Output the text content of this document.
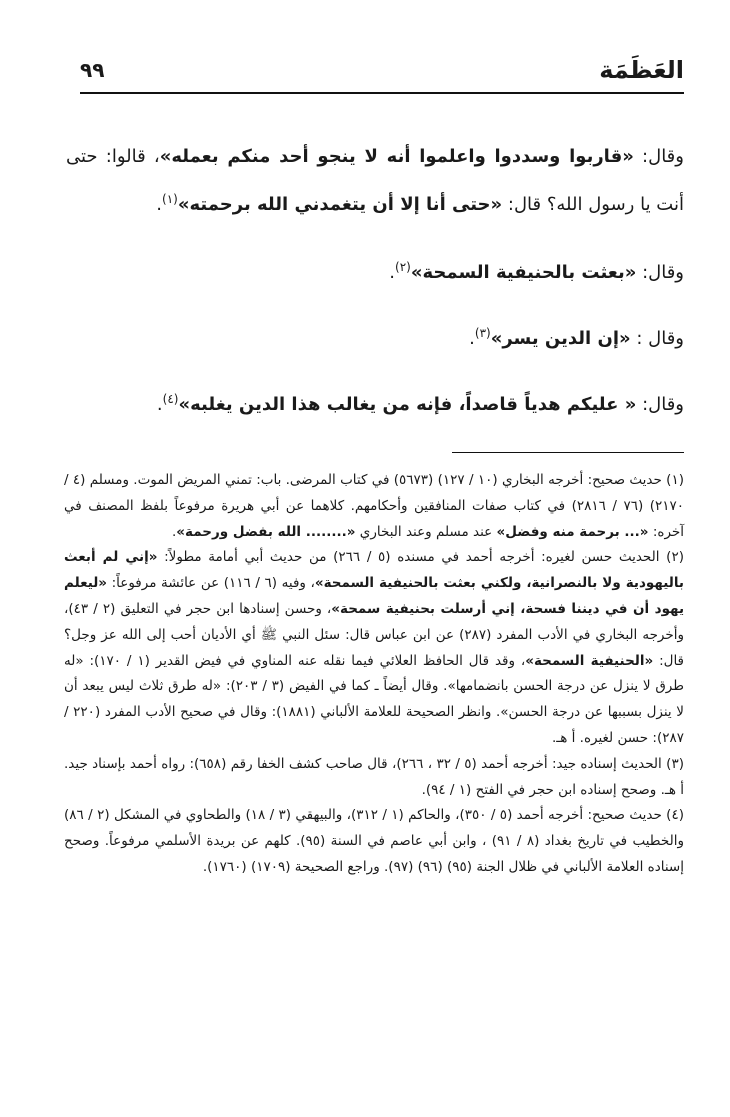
العَظَمَة
٩٩

وقال: «قاربوا وسددوا واعلموا أنه لا ينجو أحد منكم بعمله»، قالوا: حتى أنت يا رسول الله؟ قال: «حتى أنا إلا أن يتغمدني الله برحمته»$^{(١)}$.

وقال: «بعثت بالحنيفية السمحة»$^{(٢)}$.

وقال : «إن الدين يسر»$^{(٣)}$.

وقال: « عليكم هدياً قاصداً، فإنه من يغالب هذا الدين يغلبه»$^{(٤)}$.

(١) حديث صحيح: أخرجه البخاري (١٠ / ١٢٧) (٥٦٧٣) في كتاب المرضى. باب: تمني المريض الموت. ومسلم (٤ / ٢١٧٠) (٧٦ / ٢٨١٦) في كتاب صفات المنافقين وأحكامهم. كلاهما عن أبي هريرة مرفوعاً بلفظ المصنف في آخره: «... برحمة منه وفضل» عند مسلم وعند البخاري «........ الله بفضل ورحمة».

(٢) الحديث حسن لغيره: أخرجه أحمد في مسنده (٥ / ٢٦٦) من حديث أبي أمامة مطولاً: «إني لم أبعث باليهودية ولا بالنصرانية، ولكني بعثت بالحنيفية السمحة»، وفيه (٦ / ١١٦) عن عائشة مرفوعاً: «ليعلم يهود أن في ديننا فسحة، إني أرسلت بحنيفية سمحة»، وحسن إسنادها ابن حجر في التعليق (٢ / ٤٣)، وأخرجه البخاري في الأدب المفرد (٢٨٧) عن ابن عباس قال: سئل النبي ﷺ أي الأديان أحب إلى الله عز وجل؟ قال: «الحنيفية السمحة»، وقد قال الحافظ العلائي فيما نقله عنه المناوي في فيض القدير (١ / ١٧٠): «له طرق لا ينزل عن درجة الحسن بانضمامها». وقال أيضاً ـ كما في الفيض (٣ / ٢٠٣): «له طرق ثلاث ليس يبعد أن لا ينزل بسببها عن درجة الحسن». وانظر الصحيحة للعلامة الألباني (١٨٨١): وقال في صحيح الأدب المفرد (٢٢٠ / ٢٨٧): حسن لغيره. أ هـ.

(٣) الحديث إسناده جيد: أخرجه أحمد (٥ / ٣٢ ، ٢٦٦)، قال صاحب كشف الخفا رقم (٦٥٨): رواه أحمد بإسناد جيد. أ هـ. وصحح إسناده ابن حجر في الفتح (١ / ٩٤).

(٤) حديث صحيح: أخرجه أحمد (٥ / ٣٥٠)، والحاكم (١ / ٣١٢)، والبيهقي (٣ / ١٨) والطحاوي في المشكل (٢ / ٨٦) والخطيب في تاريخ بغداد (٨ / ٩١) ، وابن أبي عاصم في السنة (٩٥). كلهم عن بريدة الأسلمي مرفوعاً. وصحح إسناده العلامة الألباني في ظلال الجنة (٩٥) (٩٦) (٩٧). وراجع الصحيحة (١٧٠٩) (١٧٦٠).
